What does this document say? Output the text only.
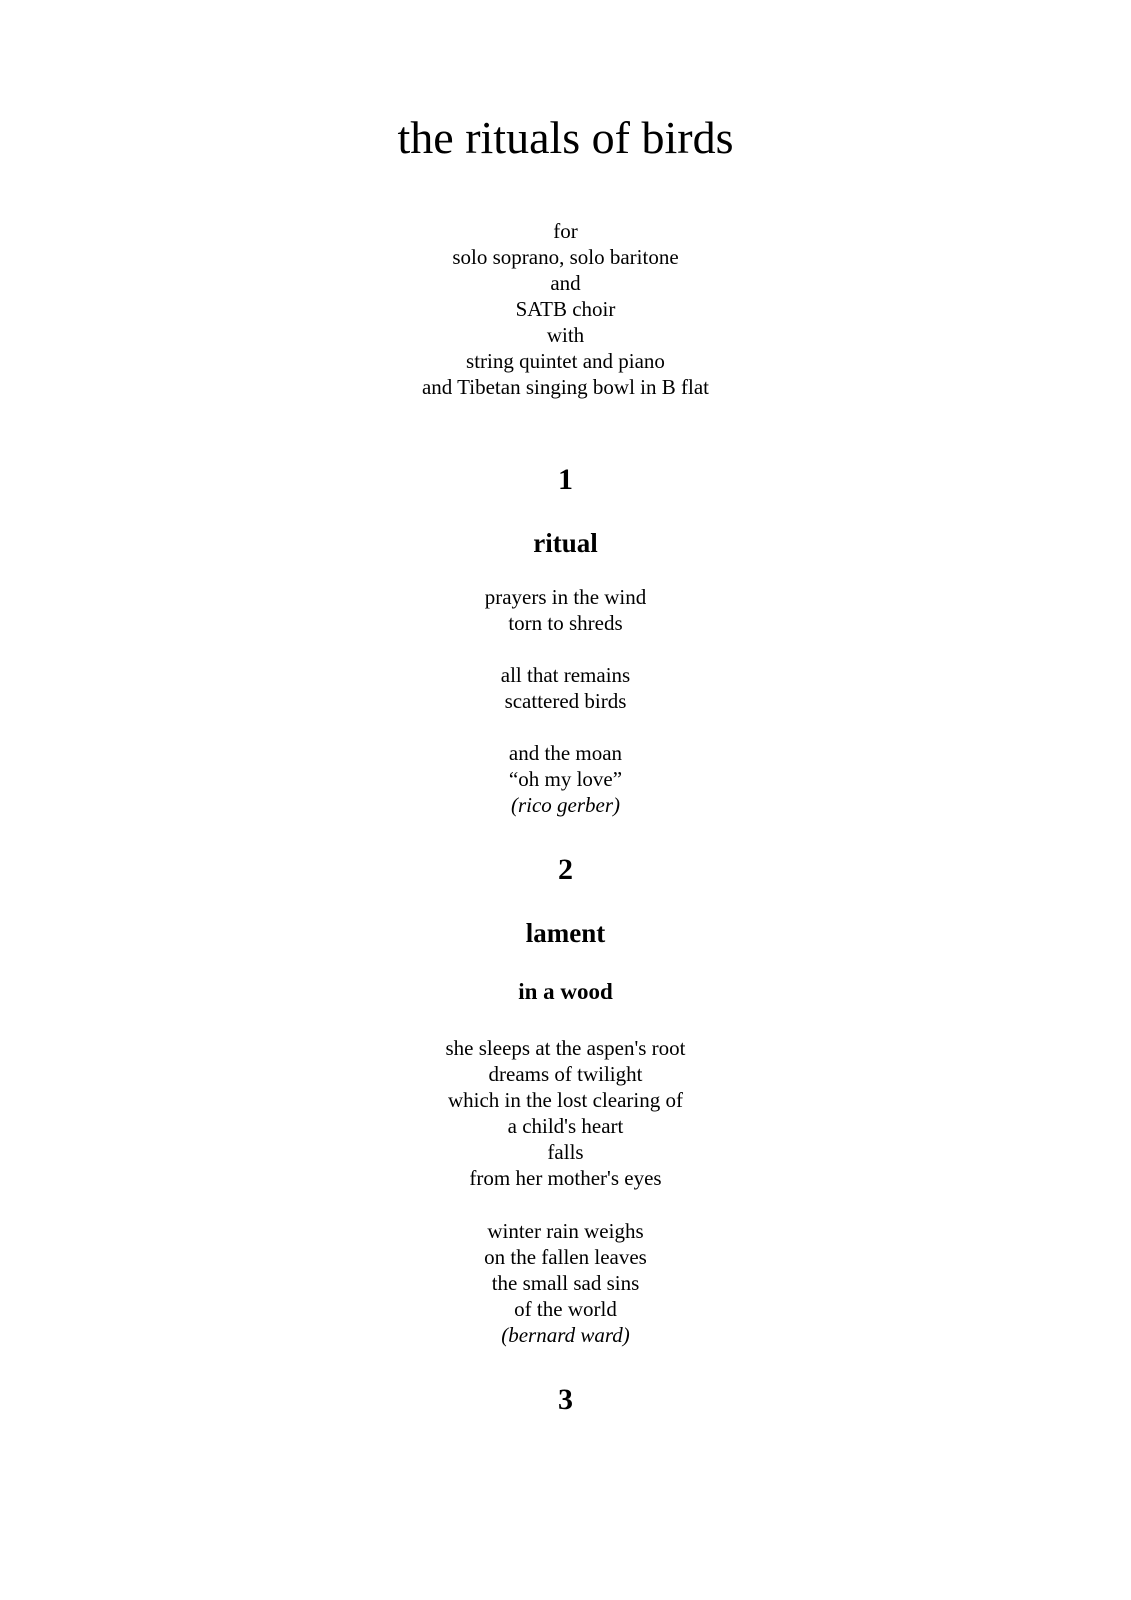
the rituals of birds
for
solo soprano, solo baritone
and
SATB choir
with
string quintet and piano
and Tibetan singing bowl in B flat
1
ritual
prayers in the wind
torn to shreds
all that remains
scattered birds
and the moan
“oh my love”
(rico gerber)
2
lament
in a wood
she sleeps at the aspen's root
dreams of twilight
which in the lost clearing of
a child's heart
falls
from her mother's eyes
winter rain weighs
on the fallen leaves
the small sad sins
of the world
(bernard ward)
3
